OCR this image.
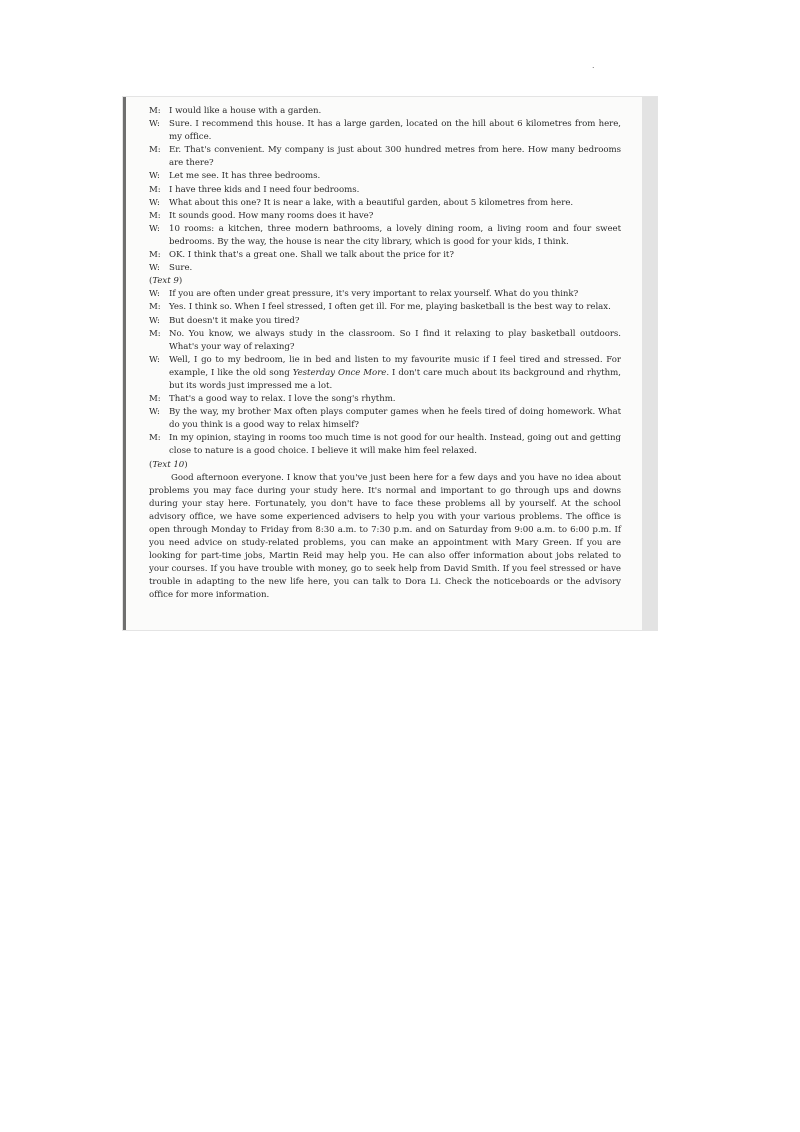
.
M: I would like a house with a garden.
W: Sure. I recommend this house. It has a large garden, located on the hill about 6 kilometres from here, my office.
M: Er. That's convenient. My company is just about 300 hundred metres from here. How many bedrooms are there?
W: Let me see. It has three bedrooms.
M: I have three kids and I need four bedrooms.
W: What about this one? It is near a lake, with a beautiful garden, about 5 kilometres from here.
M: It sounds good. How many rooms does it have?
W: 10 rooms: a kitchen, three modern bathrooms, a lovely dining room, a living room and four sweet bedrooms. By the way, the house is near the city library, which is good for your kids, I think.
M: OK. I think that's a great one. Shall we talk about the price for it?
W: Sure.
(Text 9)
W: If you are often under great pressure, it's very important to relax yourself. What do you think?
M: Yes. I think so. When I feel stressed, I often get ill. For me, playing basketball is the best way to relax.
W: But doesn't it make you tired?
M: No. You know, we always study in the classroom. So I find it relaxing to play basketball outdoors. What's your way of relaxing?
W: Well, I go to my bedroom, lie in bed and listen to my favourite music if I feel tired and stressed. For example, I like the old song Yesterday Once More. I don't care much about its background and rhythm, but its words just impressed me a lot.
M: That's a good way to relax. I love the song's rhythm.
W: By the way, my brother Max often plays computer games when he feels tired of doing homework. What do you think is a good way to relax himself?
M: In my opinion, staying in rooms too much time is not good for our health. Instead, going out and getting close to nature is a good choice. I believe it will make him feel relaxed.
(Text 10)
Good afternoon everyone. I know that you've just been here for a few days and you have no idea about problems you may face during your study here. It's normal and important to go through ups and downs during your stay here. Fortunately, you don't have to face these problems all by yourself. At the school advisory office, we have some experienced advisers to help you with your various problems. The office is open through Monday to Friday from 8:30 a.m. to 7:30 p.m. and on Saturday from 9:00 a.m. to 6:00 p.m. If you need advice on study-related problems, you can make an appointment with Mary Green. If you are looking for part-time jobs, Martin Reid may help you. He can also offer information about jobs related to your courses. If you have trouble with money, go to seek help from David Smith. If you feel stressed or have trouble in adapting to the new life here, you can talk to Dora Li. Check the noticeboards or the advisory office for more information.
